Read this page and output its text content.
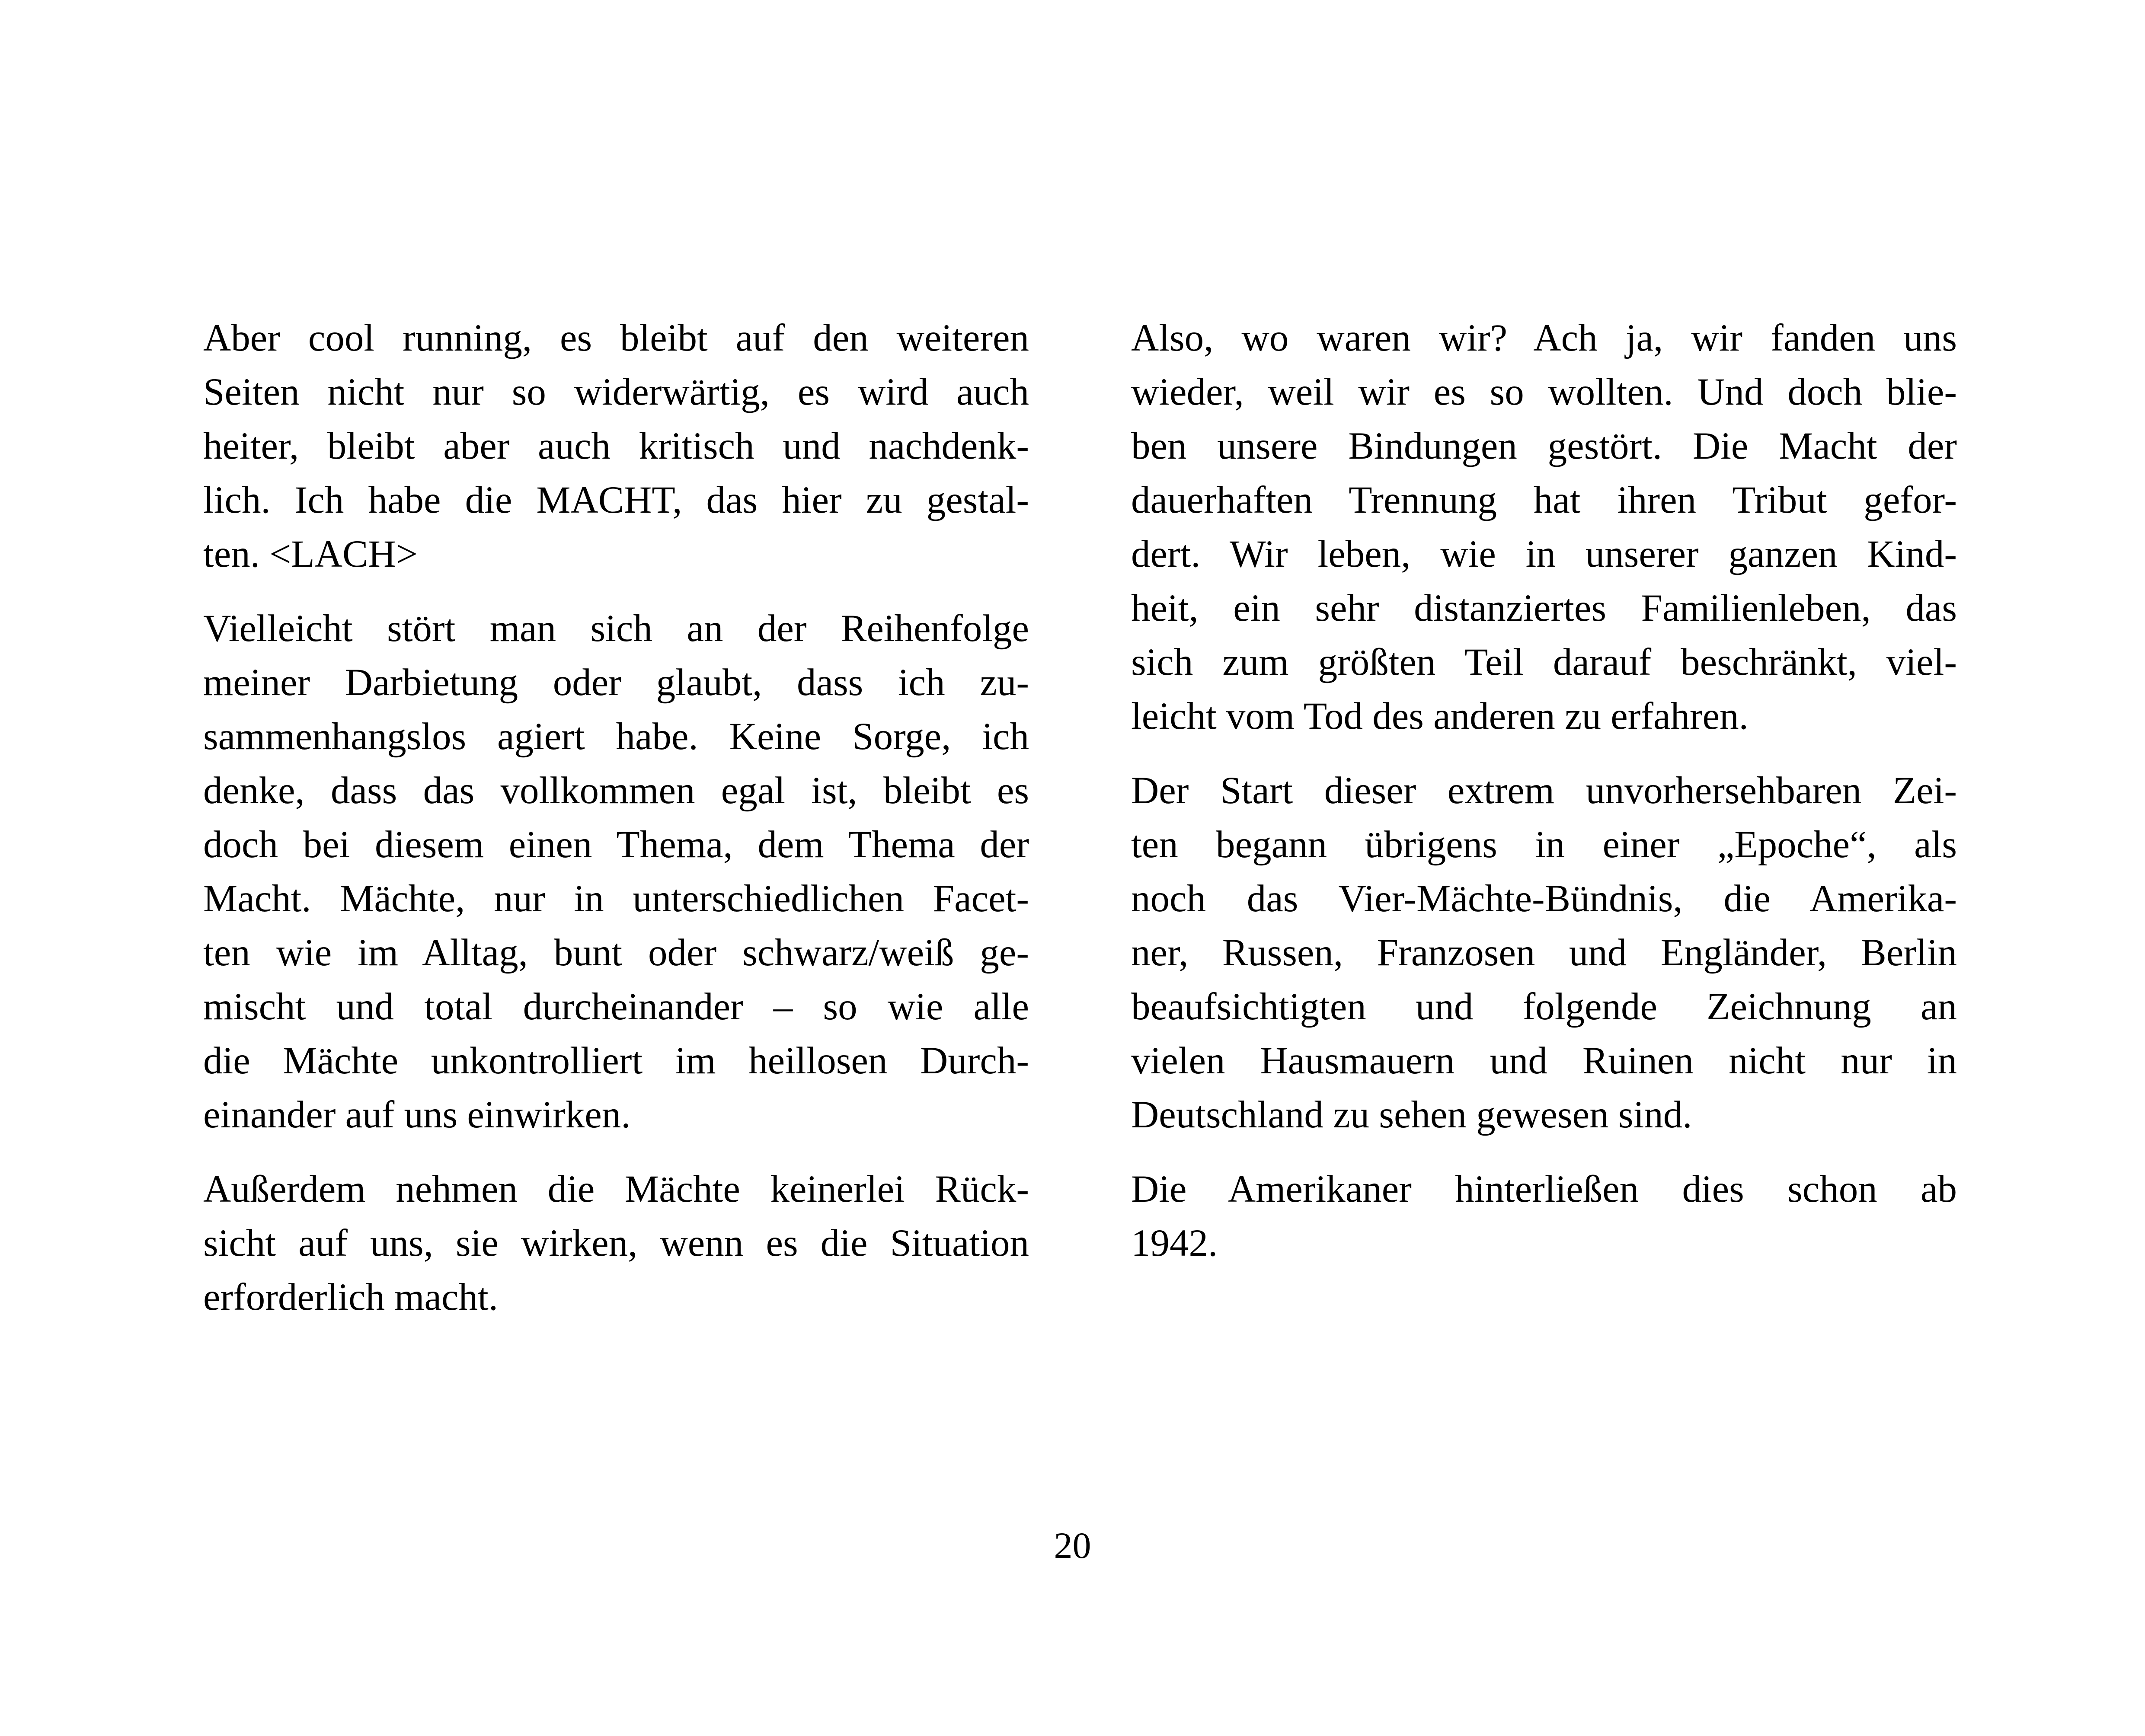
Aber cool running, es bleibt auf den weiteren
Seiten nicht nur so widerwärtig, es wird auch
heiter, bleibt aber auch kritisch und nachdenk-
lich. Ich habe die MACHT, das hier zu gestal-
ten. <LACH>

Vielleicht stört man sich an der Reihenfolge
meiner Darbietung oder glaubt, dass ich zu-
sammenhangslos agiert habe. Keine Sorge, ich
denke, dass das vollkommen egal ist, bleibt es
doch bei diesem einen Thema, dem Thema der
Macht. Mächte, nur in unterschiedlichen Facet-
ten wie im Alltag, bunt oder schwarz/weiß ge-
mischt und total durcheinander – so wie alle
die Mächte unkontrolliert im heillosen Durch-
einander auf uns einwirken.

Außerdem nehmen die Mächte keinerlei Rück-
sicht auf uns, sie wirken, wenn es die Situation
erforderlich macht.

Also, wo waren wir? Ach ja, wir fanden uns
wieder, weil wir es so wollten. Und doch blie-
ben unsere Bindungen gestört. Die Macht der
dauerhaften Trennung hat ihren Tribut gefor-
dert. Wir leben, wie in unserer ganzen Kind-
heit, ein sehr distanziertes Familienleben, das
sich zum größten Teil darauf beschränkt, viel-
leicht vom Tod des anderen zu erfahren.

Der Start dieser extrem unvorhersehbaren Zei-
ten begann übrigens in einer „Epoche“, als
noch das Vier-Mächte-Bündnis, die Amerika-
ner, Russen, Franzosen und Engländer, Berlin
beaufsichtigten und folgende Zeichnung an
vielen Hausmauern und Ruinen nicht nur in
Deutschland zu sehen gewesen sind.

Die Amerikaner hinterließen dies schon ab
1942.

20
